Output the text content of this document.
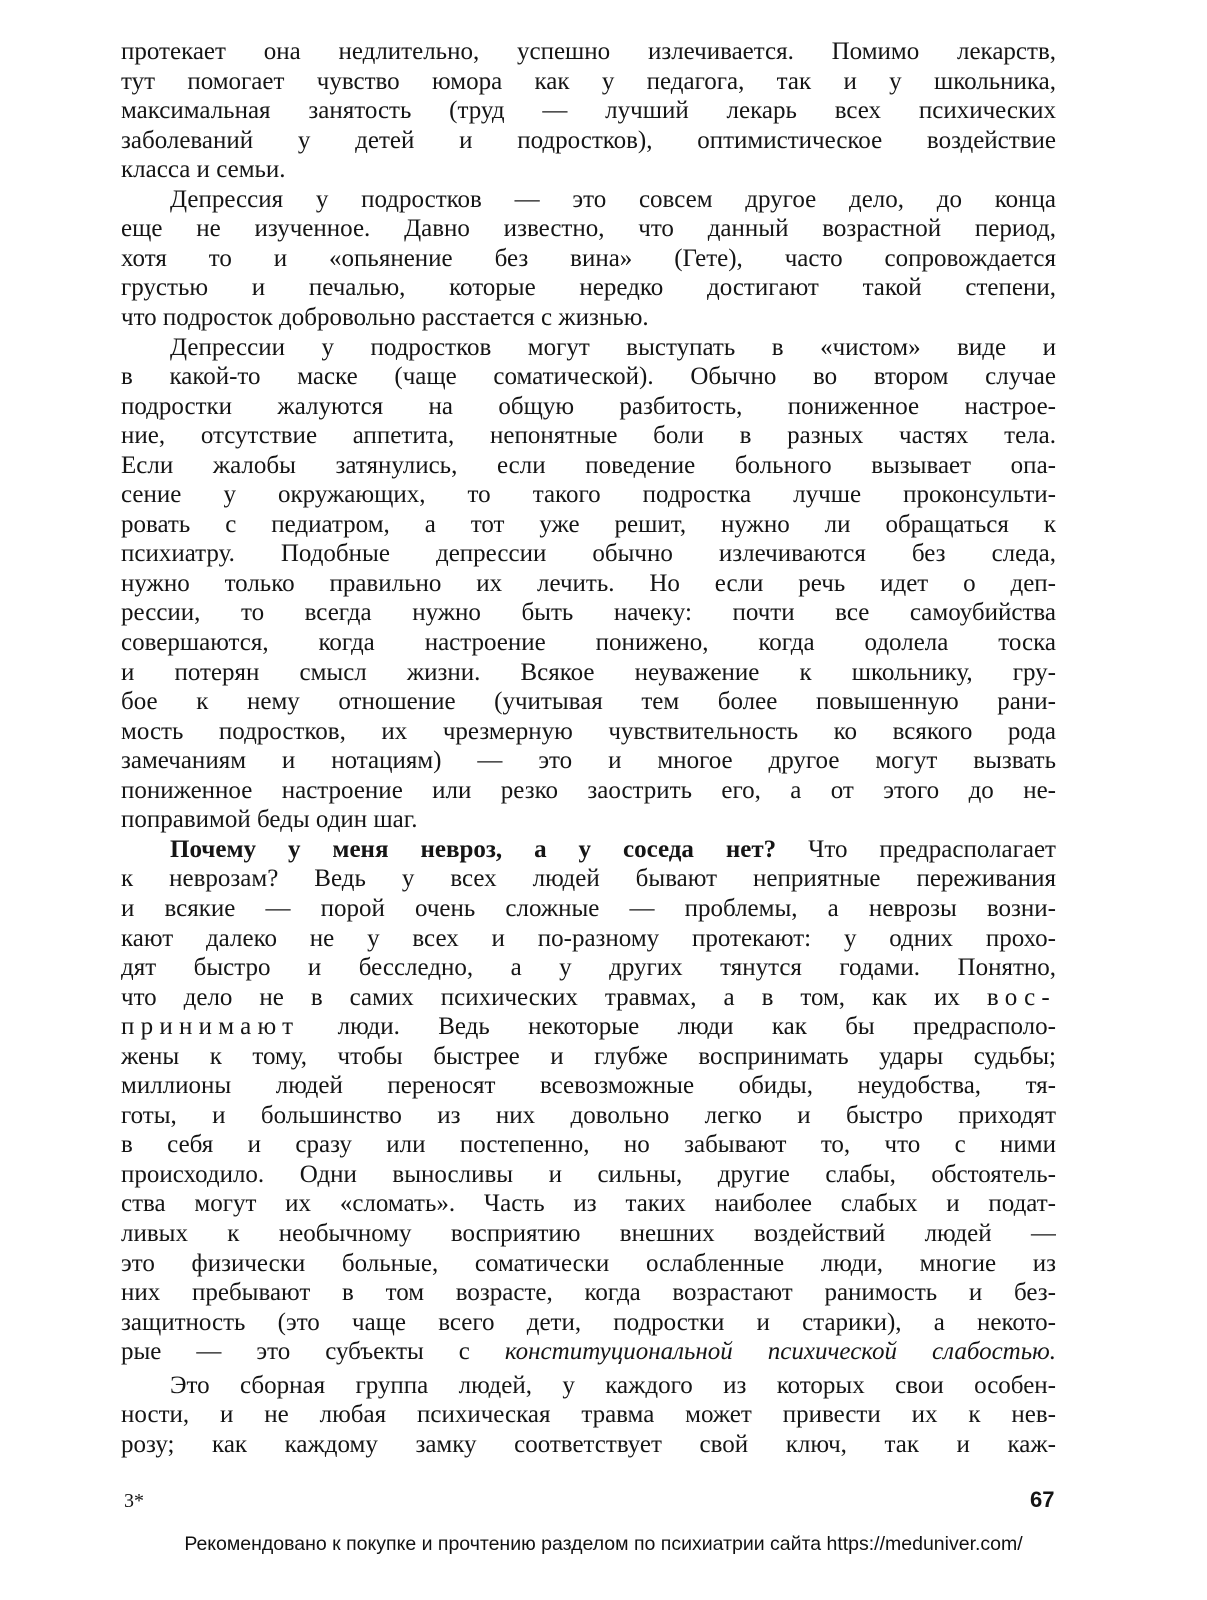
протекает она недлительно, успешно излечивается. Помимо лекарств,
тут помогает чувство юмора как у педагога, так и у школьника,
максимальная занятость (труд — лучший лекарь всех психических
заболеваний у детей и подростков), оптимистическое воздействие
класса и семьи.
Депрессия у подростков — это совсем другое дело, до конца
еще не изученное. Давно известно, что данный возрастной период,
хотя то и «опьянение без вина» (Гете), часто сопровождается
грустью и печалью, которые нередко достигают такой степени,
что подросток добровольно расстается с жизнью.
Депрессии у подростков могут выступать в «чистом» виде и
в какой-то маске (чаще соматической). Обычно во втором случае
подростки жалуются на общую разбитость, пониженное настрое-
ние, отсутствие аппетита, непонятные боли в разных частях тела.
Если жалобы затянулись, если поведение больного вызывает опа-
сение у окружающих, то такого подростка лучше проконсульти-
ровать с педиатром, а тот уже решит, нужно ли обращаться к
психиатру. Подобные депрессии обычно излечиваются без следа,
нужно только правильно их лечить. Но если речь идет о деп-
рессии, то всегда нужно быть начеку: почти все самоубийства
совершаются, когда настроение понижено, когда одолела тоска
и потерян смысл жизни. Всякое неуважение к школьнику, гру-
бое к нему отношение (учитывая тем более повышенную рани-
мость подростков, их чрезмерную чувствительность ко всякого рода
замечаниям и нотациям) — это и многое другое могут вызвать
пониженное настроение или резко заострить его, а от этого до не-
поправимой беды один шаг.
Почему у меня невроз, а у соседа нет? Что предрасполагает
к неврозам? Ведь у всех людей бывают неприятные переживания
и всякие — порой очень сложные — проблемы, а неврозы возни-
кают далеко не у всех и по-разному протекают: у одних прохо-
дят быстро и бесследно, а у других тянутся годами. Понятно,
что дело не в самих психических травмах, а в том, как их вос-
принимают люди. Ведь некоторые люди как бы предрасполо-
жены к тому, чтобы быстрее и глубже воспринимать удары судьбы;
миллионы людей переносят всевозможные обиды, неудобства, тя-
готы, и большинство из них довольно легко и быстро приходят
в себя и сразу или постепенно, но забывают то, что с ними
происходило. Одни выносливы и сильны, другие слабы, обстоятель-
ства могут их «сломать». Часть из таких наиболее слабых и подат-
ливых к необычному восприятию внешних воздействий людей —
это физически больные, соматически ослабленные люди, многие из
них пребывают в том возрасте, когда возрастают ранимость и без-
защитность (это чаще всего дети, подростки и старики), а некото-
рые — это субъекты с конституциональной психической слабостью.
Это сборная группа людей, у каждого из которых свои особен-
ности, и не любая психическая травма может привести их к нев-
розу; как каждому замку соответствует свой ключ, так и каж-
3*	67
Рекомендовано к покупке и прочтению разделом по психиатрии сайта https://meduniver.com/
